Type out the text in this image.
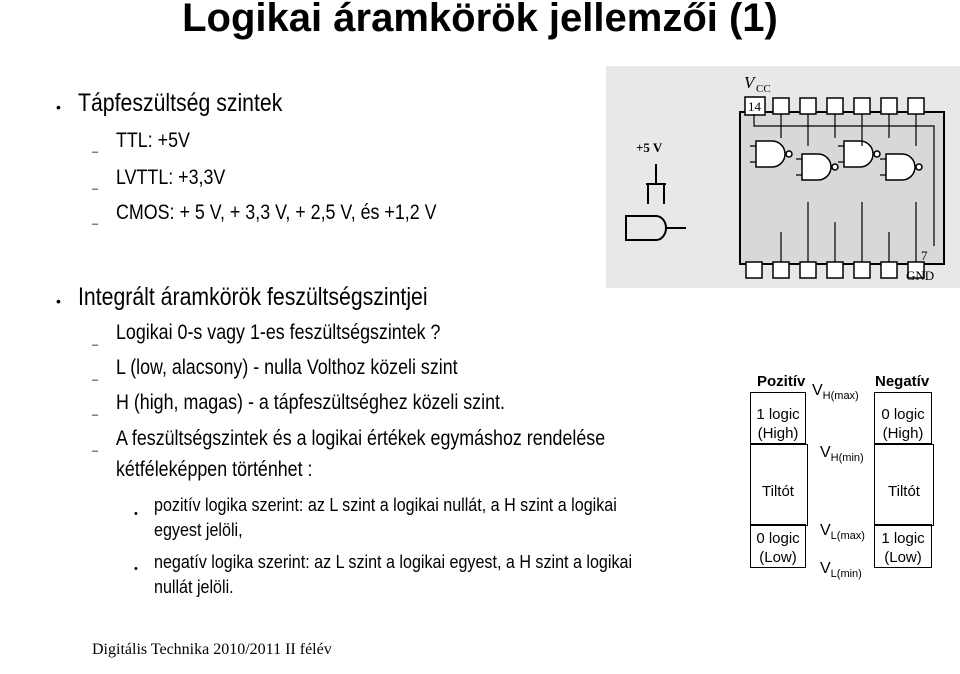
Logikai áramkörök jellemzői (1)
• Tápfeszültség szintek
– TTL: +5V
– LVTTL: +3,3V
– CMOS: + 5 V, + 3,3 V, + 2,5 V, és +1,2 V
• Integrált áramkörök feszültségszintjei
–
Logikai 0-s vagy 1-es feszültségszintek ?
–
L (low, alacsony) - nulla Volthoz közeli szint
–
H (high, magas) - a tápfeszültséghez közeli szint.
–
A feszültségszintek és a logikai értékek egymáshoz rendelése
kétféleképpen történhet :
• pozitív logika szerint: az L szint a logikai nullát, a H szint a logikai
egyest jelöli,
• negatív logika szerint: az L szint a logikai egyest, a H szint a logikai
nullát jelöli.
V CC
14
+5 V
7
GND
Pozitív	Negatív
1 logic
(High)
Tiltót
0 logic
(Low)
0 logic
(High)
Tiltót
1 logic
(Low)
$V_{H(max)}$
$V_{H(min)}$
$V_{L(max)}$
$V_{L(min)}$
Digitális Technika 2010/2011 II félév
